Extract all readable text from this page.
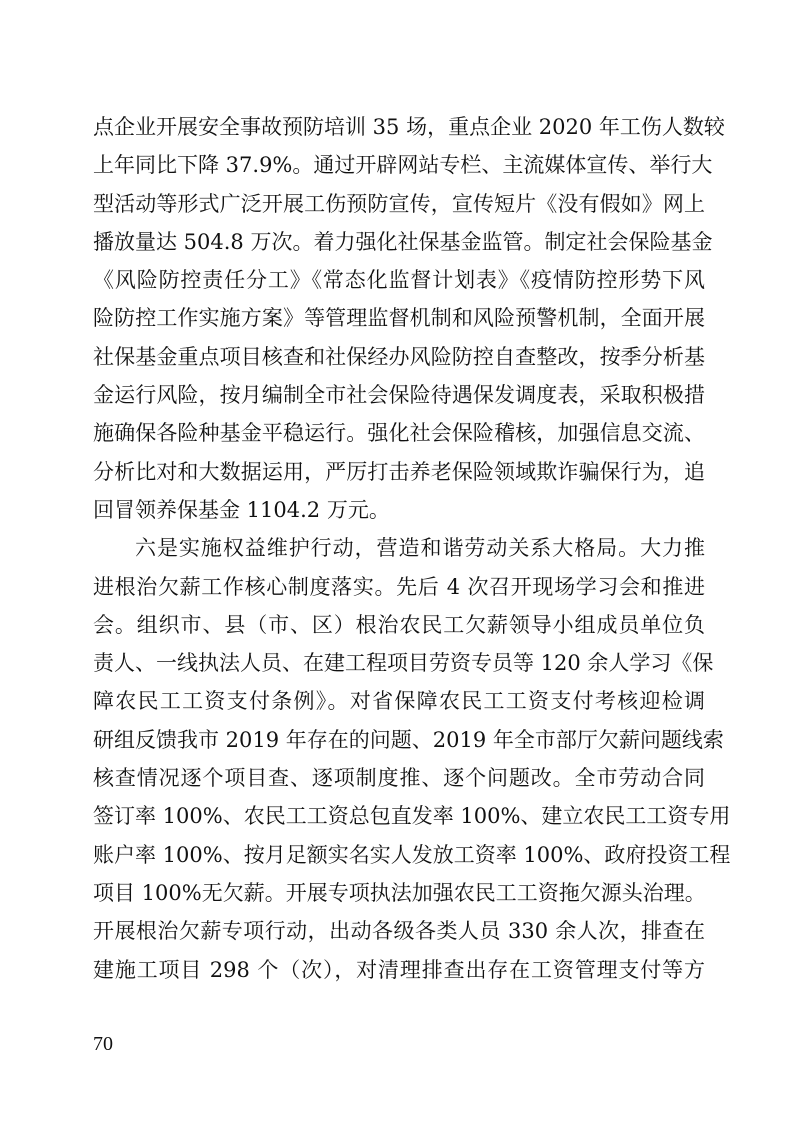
点企业开展安全事故预防培训 35 场，重点企业 2020 年工伤人数较
上年同比下降 37.9%。通过开辟网站专栏、主流媒体宣传、举行大
型活动等形式广泛开展工伤预防宣传，宣传短片《没有假如》网上
播放量达 504.8 万次。着力强化社保基金监管。制定社会保险基金
《风险防控责任分工》《常态化监督计划表》《疫情防控形势下风
险防控工作实施方案》等管理监督机制和风险预警机制，全面开展
社保基金重点项目核查和社保经办风险防控自查整改，按季分析基
金运行风险，按月编制全市社会保险待遇保发调度表，采取积极措
施确保各险种基金平稳运行。强化社会保险稽核，加强信息交流、
分析比对和大数据运用，严厉打击养老保险领域欺诈骗保行为，追
回冒领养保基金 1104.2 万元。
六是实施权益维护行动，营造和谐劳动关系大格局。大力推
进根治欠薪工作核心制度落实。先后 4 次召开现场学习会和推进
会。组织市、县（市、区）根治农民工欠薪领导小组成员单位负
责人、一线执法人员、在建工程项目劳资专员等 120 余人学习《保
障农民工工资支付条例》。对省保障农民工工资支付考核迎检调
研组反馈我市 2019 年存在的问题、2019 年全市部厅欠薪问题线索
核查情况逐个项目查、逐项制度推、逐个问题改。全市劳动合同
签订率 100%、农民工工资总包直发率 100%、建立农民工工资专用
账户率 100%、按月足额实名实人发放工资率 100%、政府投资工程
项目 100%无欠薪。开展专项执法加强农民工工资拖欠源头治理。
开展根治欠薪专项行动，出动各级各类人员 330 余人次，排查在
建施工项目 298 个（次），对清理排查出存在工资管理支付等方
70
